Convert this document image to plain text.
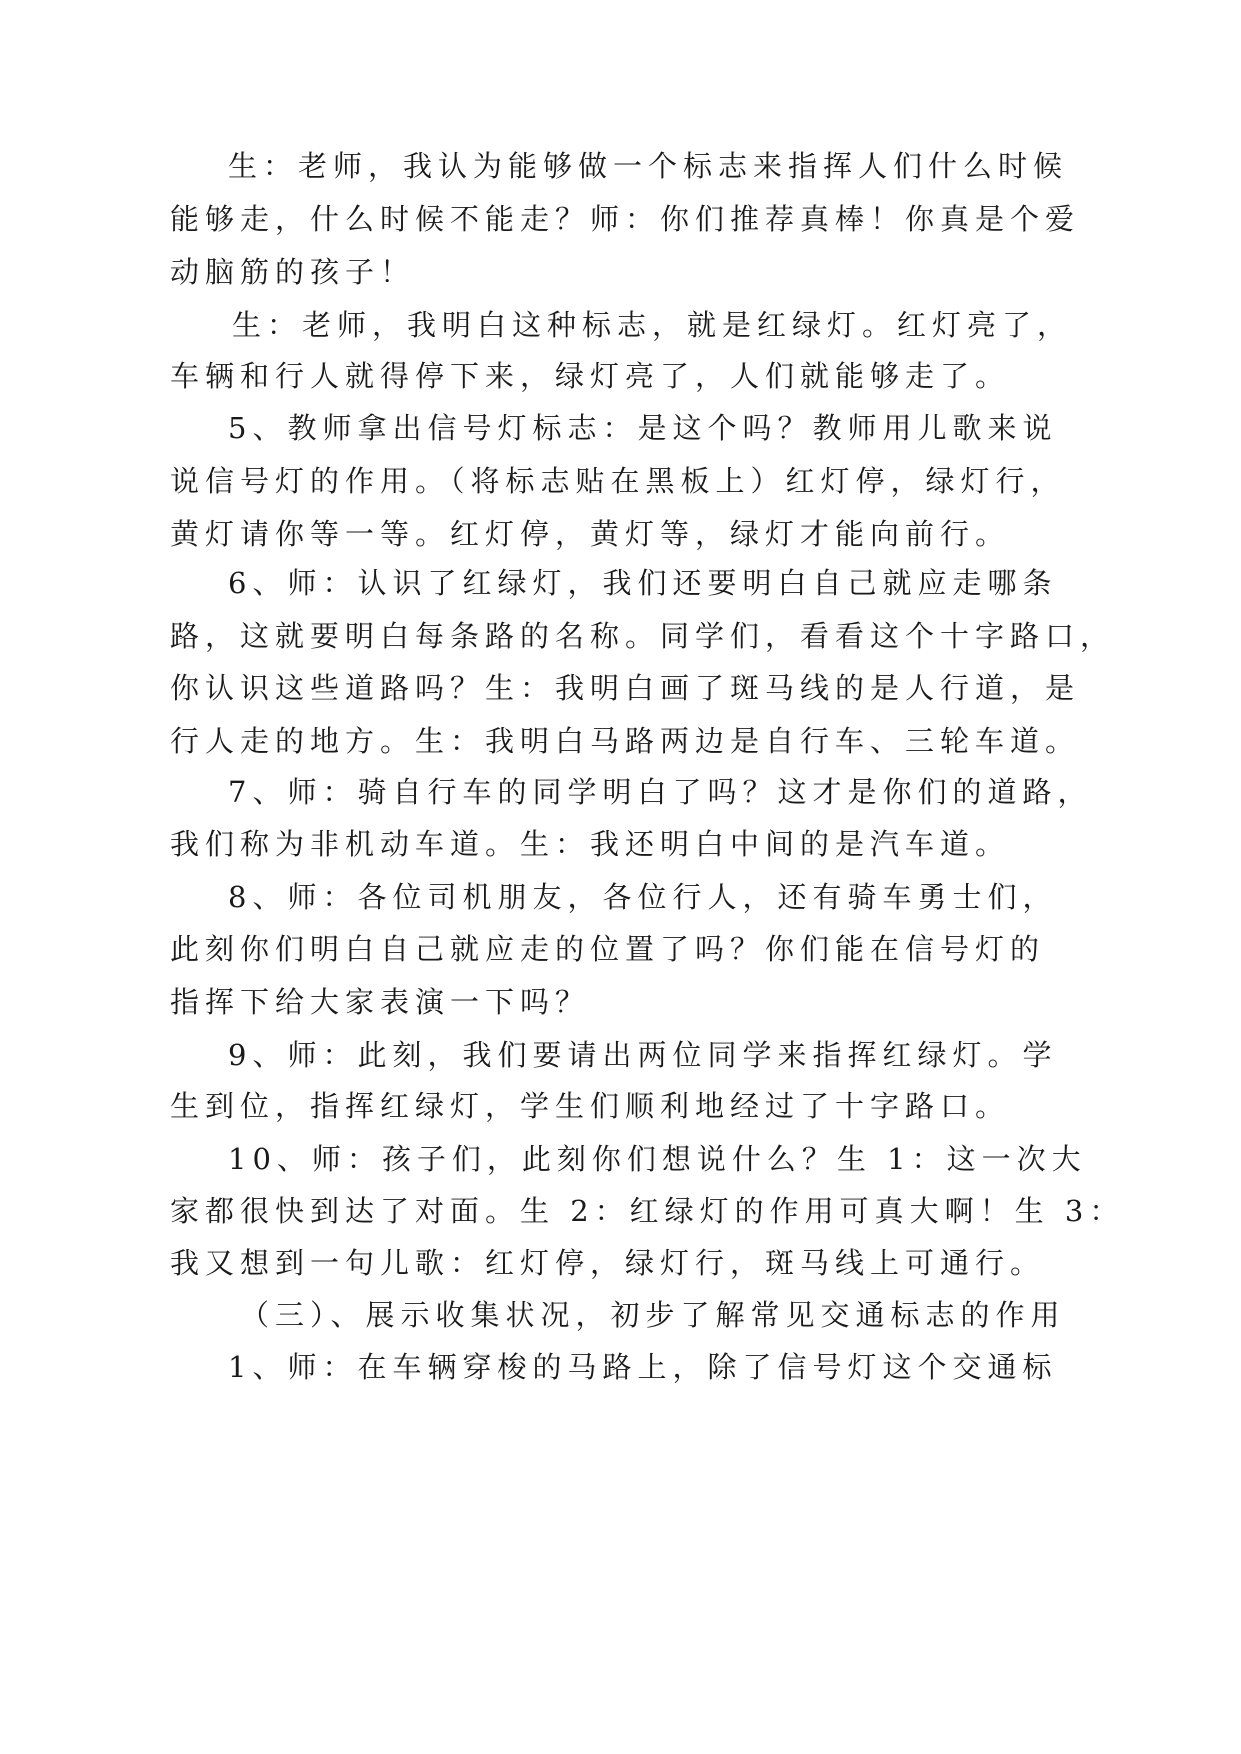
生：老师，我认为能够做一个标志来指挥人们什么时候
能够走，什么时候不能走？师：你们推荐真棒！你真是个爱
动脑筋的孩子！
生：老师，我明白这种标志，就是红绿灯。红灯亮了，
车辆和行人就得停下来，绿灯亮了，人们就能够走了。
5、教师拿出信号灯标志：是这个吗？教师用儿歌来说
说信号灯的作用。（将标志贴在黑板上）红灯停，绿灯行，
黄灯请你等一等。红灯停，黄灯等，绿灯才能向前行。
6、师：认识了红绿灯，我们还要明白自己就应走哪条
路，这就要明白每条路的名称。同学们，看看这个十字路口，
你认识这些道路吗？生：我明白画了斑马线的是人行道，是
行人走的地方。生：我明白马路两边是自行车、三轮车道。
7、师：骑自行车的同学明白了吗？这才是你们的道路，
我们称为非机动车道。生：我还明白中间的是汽车道。
8、师：各位司机朋友，各位行人，还有骑车勇士们，
此刻你们明白自己就应走的位置了吗？你们能在信号灯的
指挥下给大家表演一下吗？
9、师：此刻，我们要请出两位同学来指挥红绿灯。学
生到位，指挥红绿灯，学生们顺利地经过了十字路口。
10、师：孩子们，此刻你们想说什么？生 1：这一次大
家都很快到达了对面。生 2：红绿灯的作用可真大啊！生 3：
我又想到一句儿歌：红灯停，绿灯行，斑马线上可通行。
（三）、展示收集状况，初步了解常见交通标志的作用
1、师：在车辆穿梭的马路上，除了信号灯这个交通标
